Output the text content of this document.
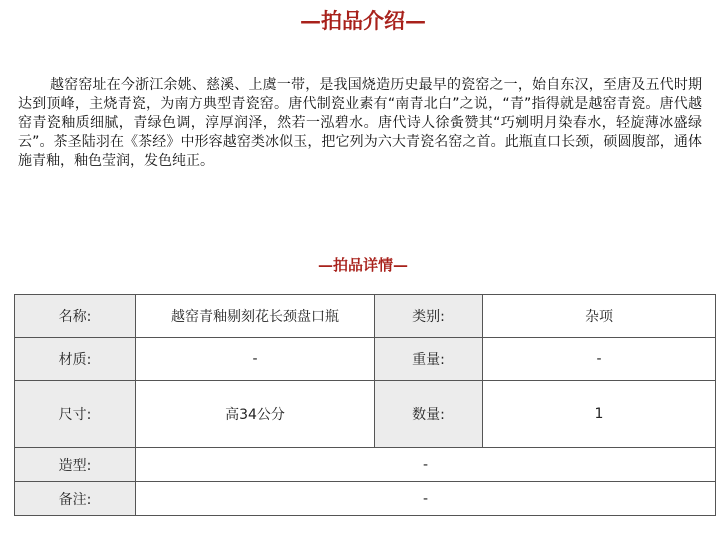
—拍品介绍—

越窑窑址在今浙江余姚、慈溪、上虞一带，是我国烧造历史最早的瓷窑之一，始自东汉，至唐及五代时期达到顶峰，主烧青瓷，为南方典型青瓷窑。唐代制瓷业素有“南青北白”之说，“青”指得就是越窑青瓷。唐代越窑青瓷釉质细腻，青绿色调，淳厚润泽，然若一泓碧水。唐代诗人徐夤赞其“巧剜明月染春水，轻旋薄冰盛绿云”。茶圣陆羽在《茶经》中形容越窑类冰似玉，把它列为六大青瓷名窑之首。此瓶直口长颈，硕圆腹部，通体施青釉，釉色莹润，发色纯正。

—拍品详情—
名称:	越窑青釉剔刻花长颈盘口瓶	类别:	杂项
材质:	-	重量:	-
尺寸:	高34公分	数量:	1
造型:	-		
备注:	-		
